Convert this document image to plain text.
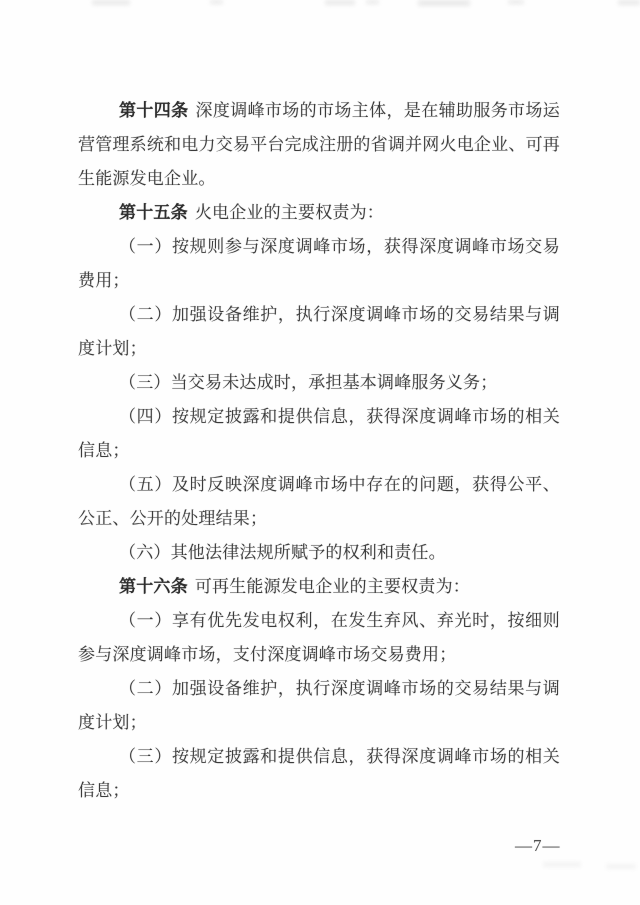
第十四条 深度调峰市场的市场主体，是在辅助服务市场运营管理系统和电力交易平台完成注册的省调并网火电企业、可再生能源发电企业。
第十五条 火电企业的主要权责为：
（一）按规则参与深度调峰市场，获得深度调峰市场交易费用；
（二）加强设备维护，执行深度调峰市场的交易结果与调度计划；
（三）当交易未达成时，承担基本调峰服务义务；
（四）按规定披露和提供信息，获得深度调峰市场的相关信息；
（五）及时反映深度调峰市场中存在的问题，获得公平、公正、公开的处理结果；
（六）其他法律法规所赋予的权利和责任。
第十六条 可再生能源发电企业的主要权责为：
（一）享有优先发电权利，在发生弃风、弃光时，按细则参与深度调峰市场，支付深度调峰市场交易费用；
（二）加强设备维护，执行深度调峰市场的交易结果与调度计划；
（三）按规定披露和提供信息，获得深度调峰市场的相关信息；
—7—
